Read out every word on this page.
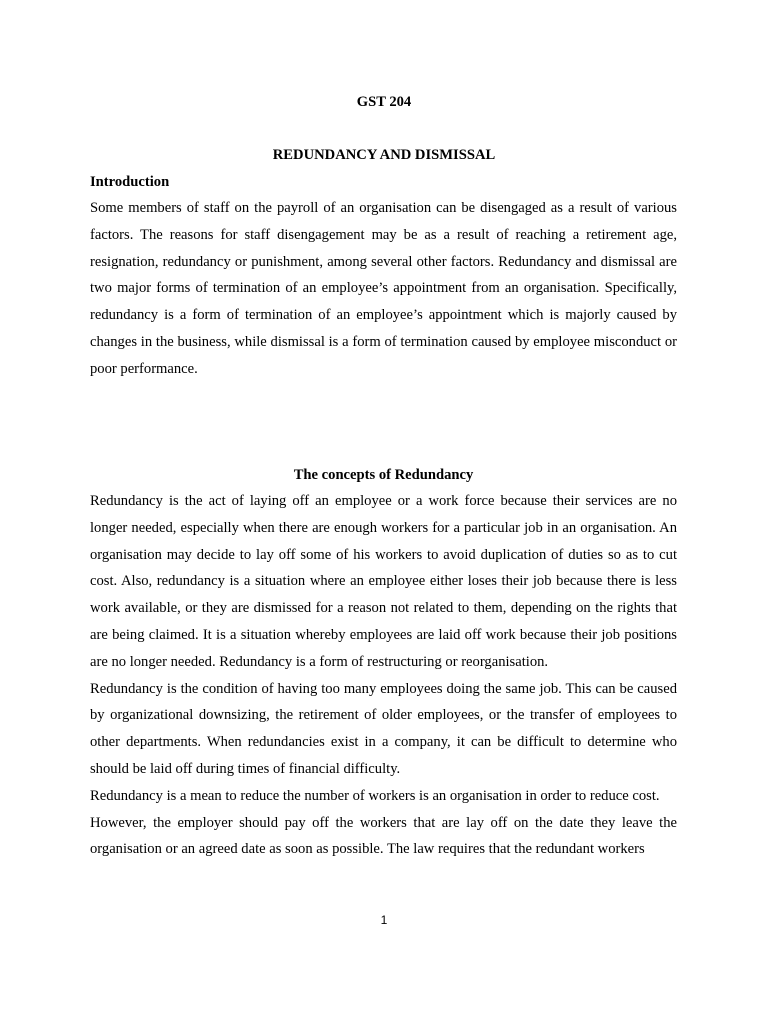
GST 204
REDUNDANCY AND DISMISSAL
Introduction

Some members of staff on the payroll of an organisation can be disengaged as a result of various factors. The reasons for staff disengagement may be as a result of reaching a retirement age, resignation, redundancy or punishment, among several other factors. Redundancy and dismissal are two major forms of termination of an employee’s appointment from an organisation. Specifically, redundancy is a form of termination of an employee’s appointment which is majorly caused by changes in the business, while dismissal is a form of termination caused by employee misconduct or poor performance.

The concepts of Redundancy

Redundancy is the act of laying off an employee or a work force because their services are no longer needed, especially when there are enough workers for a particular job in an organisation. An organisation may decide to lay off some of his workers to avoid duplication of duties so as to cut cost. Also, redundancy is a situation where an employee either loses their job because there is less work available, or they are dismissed for a reason not related to them, depending on the rights that are being claimed. It is a situation whereby employees are laid off work because their job positions are no longer needed. Redundancy is a form of restructuring or reorganisation.

Redundancy is the condition of having too many employees doing the same job. This can be caused by organizational downsizing, the retirement of older employees, or the transfer of employees to other departments. When redundancies exist in a company, it can be difficult to determine who should be laid off during times of financial difficulty.

Redundancy is a mean to reduce the number of workers is an organisation in order to reduce cost.

However, the employer should pay off the workers that are lay off on the date they leave the organisation or an agreed date as soon as possible. The law requires that the redundant workers

1
